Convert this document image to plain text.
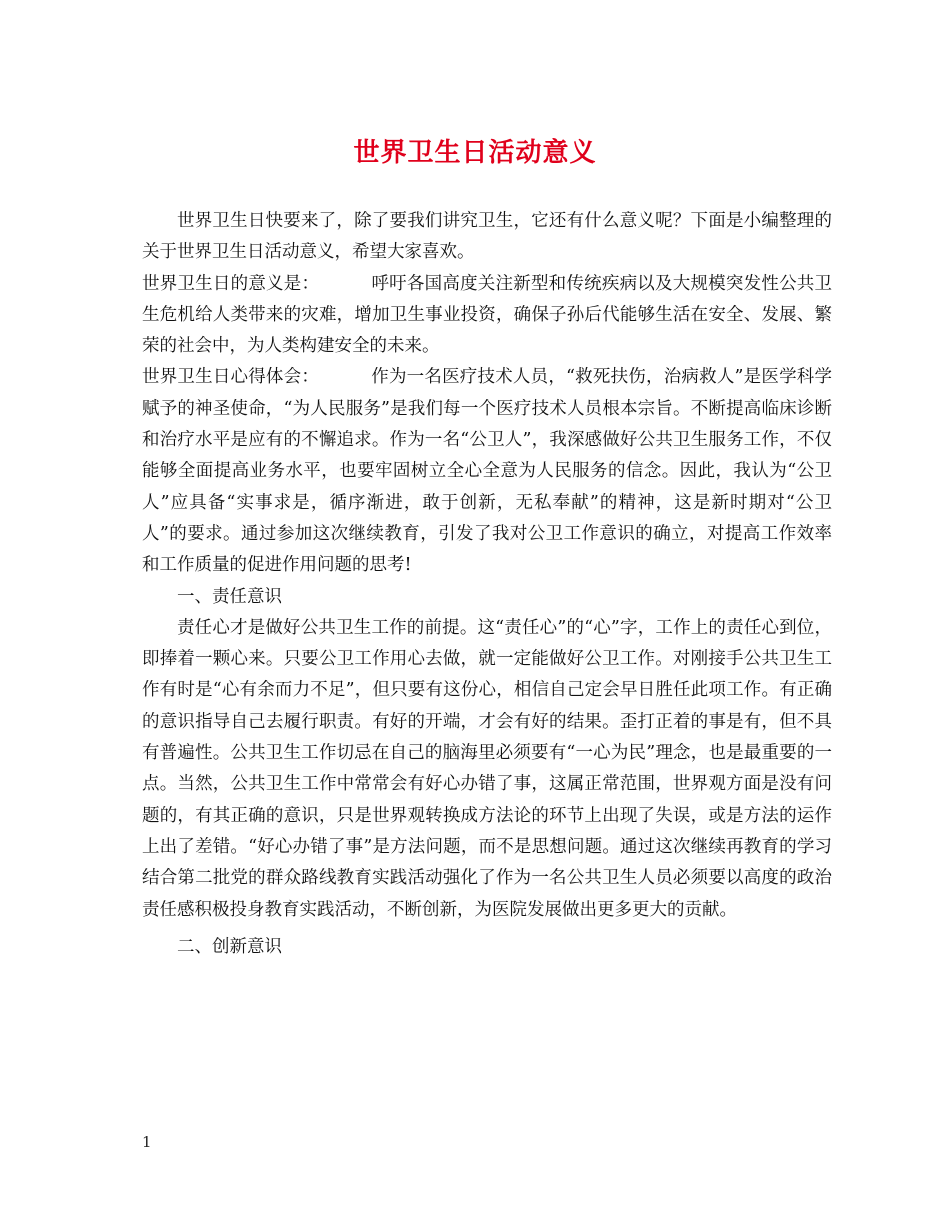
世界卫生日活动意义

世界卫生日快要来了，除了要我们讲究卫生，它还有什么意义呢？下面是小编整理的关于世界卫生日活动意义，希望大家喜欢。

世界卫生日的意义是：	呼吁各国高度关注新型和传统疾病以及大规模突发性公共卫生危机给人类带来的灾难，增加卫生事业投资，确保子孙后代能够生活在安全、发展、繁荣的社会中，为人类构建安全的未来。

世界卫生日心得体会：	作为一名医疗技术人员，“救死扶伤，治病救人”是医学科学赋予的神圣使命，“为人民服务”是我们每一个医疗技术人员根本宗旨。不断提高临床诊断和治疗水平是应有的不懈追求。作为一名“公卫人”，我深感做好公共卫生服务工作，不仅能够全面提高业务水平，也要牢固树立全心全意为人民服务的信念。因此，我认为“公卫人”应具备“实事求是，循序渐进，敢于创新，无私奉献”的精神，这是新时期对“公卫人”的要求。通过参加这次继续教育，引发了我对公卫工作意识的确立，对提高工作效率和工作质量的促进作用问题的思考!

一、责任意识

责任心才是做好公共卫生工作的前提。这“责任心”的“心”字，工作上的责任心到位，即捧着一颗心来。只要公卫工作用心去做，就一定能做好公卫工作。对刚接手公共卫生工作有时是“心有余而力不足”，但只要有这份心，相信自己定会早日胜任此项工作。有正确的意识指导自己去履行职责。有好的开端，才会有好的结果。歪打正着的事是有，但不具有普遍性。公共卫生工作切忌在自己的脑海里必须要有“一心为民”理念，也是最重要的一点。当然，公共卫生工作中常常会有好心办错了事，这属正常范围，世界观方面是没有问题的，有其正确的意识，只是世界观转换成方法论的环节上出现了失误，或是方法的运作上出了差错。“好心办错了事”是方法问题，而不是思想问题。通过这次继续再教育的学习结合第二批党的群众路线教育实践活动强化了作为一名公共卫生人员必须要以高度的政治责任感积极投身教育实践活动，不断创新，为医院发展做出更多更大的贡献。

二、创新意识

1
